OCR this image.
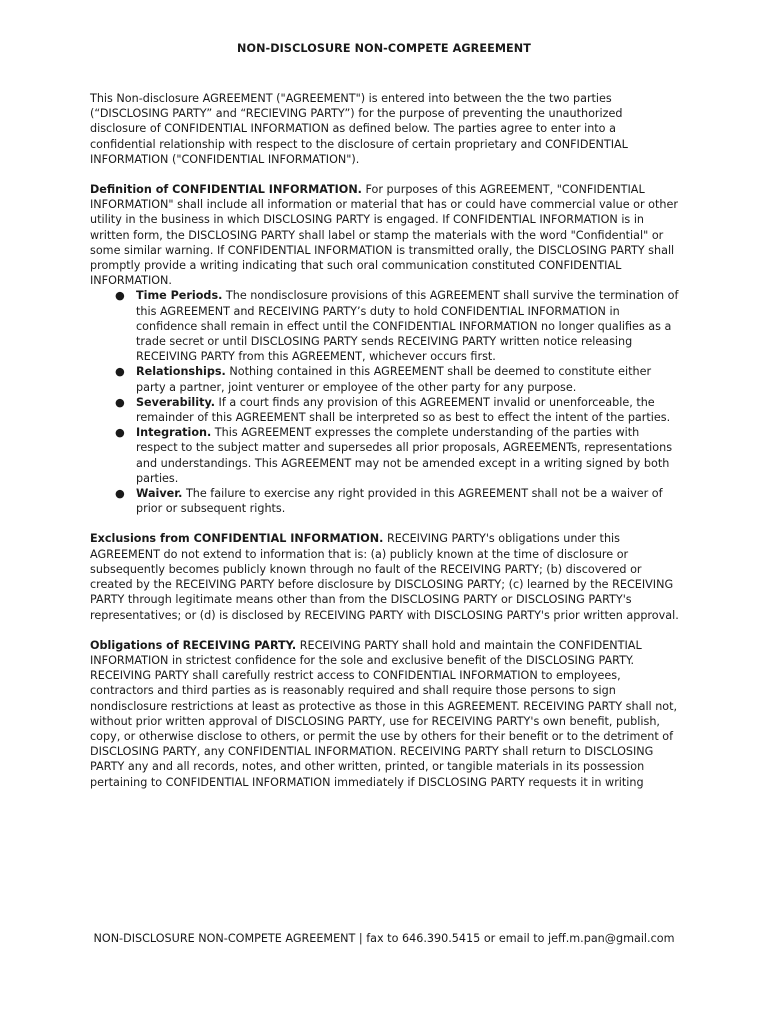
NON-DISCLOSURE NON-COMPETE AGREEMENT

This Non-disclosure AGREEMENT ("AGREEMENT") is entered into between the the two parties (“DISCLOSING PARTY” and “RECIEVING PARTY”) for the purpose of preventing the unauthorized disclosure of CONFIDENTIAL INFORMATION as defined below. The parties agree to enter into a confidential relationship with respect to the disclosure of certain proprietary and CONFIDENTIAL INFORMATION ("CONFIDENTIAL INFORMATION").

Definition of CONFIDENTIAL INFORMATION. For purposes of this AGREEMENT, "CONFIDENTIAL INFORMATION" shall include all information or material that has or could have commercial value or other utility in the business in which DISCLOSING PARTY is engaged. If CONFIDENTIAL INFORMATION is in written form, the DISCLOSING PARTY shall label or stamp the materials with the word "Confidential" or some similar warning. If CONFIDENTIAL INFORMATION is transmitted orally, the DISCLOSING PARTY shall promptly provide a writing indicating that such oral communication constituted CONFIDENTIAL INFORMATION.

● Time Periods. The nondisclosure provisions of this AGREEMENT shall survive the termination of this AGREEMENT and RECEIVING PARTY’s duty to hold CONFIDENTIAL INFORMATION in confidence shall remain in effect until the CONFIDENTIAL INFORMATION no longer qualifies as a trade secret or until DISCLOSING PARTY sends RECEIVING PARTY written notice releasing RECEIVING PARTY from this AGREEMENT, whichever occurs first.
● Relationships. Nothing contained in this AGREEMENT shall be deemed to constitute either party a partner, joint venturer or employee of the other party for any purpose.
● Severability. If a court finds any provision of this AGREEMENT invalid or unenforceable, the remainder of this AGREEMENT shall be interpreted so as best to effect the intent of the parties.
● Integration. This AGREEMENT expresses the complete understanding of the parties with respect to the subject matter and supersedes all prior proposals, AGREEMENTs, representations and understandings. This AGREEMENT may not be amended except in a writing signed by both parties.
● Waiver. The failure to exercise any right provided in this AGREEMENT shall not be a waiver of prior or subsequent rights.

Exclusions from CONFIDENTIAL INFORMATION. RECEIVING PARTY's obligations under this AGREEMENT do not extend to information that is: (a) publicly known at the time of disclosure or subsequently becomes publicly known through no fault of the RECEIVING PARTY; (b) discovered or created by the RECEIVING PARTY before disclosure by DISCLOSING PARTY; (c) learned by the RECEIVING PARTY through legitimate means other than from the DISCLOSING PARTY or DISCLOSING PARTY's representatives; or (d) is disclosed by RECEIVING PARTY with DISCLOSING PARTY's prior written approval.

Obligations of RECEIVING PARTY. RECEIVING PARTY shall hold and maintain the CONFIDENTIAL INFORMATION in strictest confidence for the sole and exclusive benefit of the DISCLOSING PARTY. RECEIVING PARTY shall carefully restrict access to CONFIDENTIAL INFORMATION to employees, contractors and third parties as is reasonably required and shall require those persons to sign nondisclosure restrictions at least as protective as those in this AGREEMENT. RECEIVING PARTY shall not, without prior written approval of DISCLOSING PARTY, use for RECEIVING PARTY's own benefit, publish, copy, or otherwise disclose to others, or permit the use by others for their benefit or to the detriment of DISCLOSING PARTY, any CONFIDENTIAL INFORMATION. RECEIVING PARTY shall return to DISCLOSING PARTY any and all records, notes, and other written, printed, or tangible materials in its possession pertaining to CONFIDENTIAL INFORMATION immediately if DISCLOSING PARTY requests it in writing

NON-DISCLOSURE NON-COMPETE AGREEMENT | fax to 646.390.5415 or email to jeff.m.pan@gmail.com
